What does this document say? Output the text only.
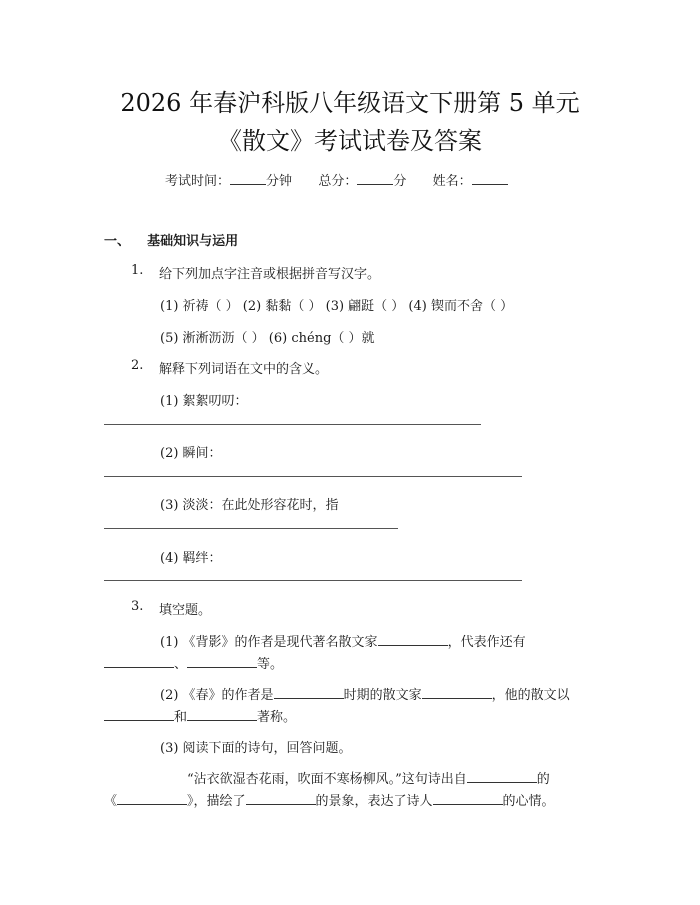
2026 年春沪科版八年级语文下册第 5 单元
《散文》考试试卷及答案
考试时间：	分钟 总分：	分 姓名：
一、 基础知识与运用
1. 给下列加点字注音或根据拼音写汉字。
(1) 祈祷（ ） (2) 黏黏（ ） (3) 翩跹（ ） (4) 锲而不舍（ ）
(5) 淅淅沥沥（ ） (6) chéng（ ）就
2. 解释下列词语在文中的含义。
(1) 絮絮叨叨：
(2) 瞬间：
(3) 淡淡：在此处形容花时，指
(4) 羁绊：
3. 填空题。
(1) 《背影》的作者是现代著名散文家	，代表作还有
、	等。
(2) 《春》的作者是	时期的散文家	，他的散文以
和	著称。
(3) 阅读下面的诗句，回答问题。
“沾衣欲湿杏花雨，吹面不寒杨柳风。”这句诗出自	的
《	》，描绘了	的景象，表达了诗人	的心情。
